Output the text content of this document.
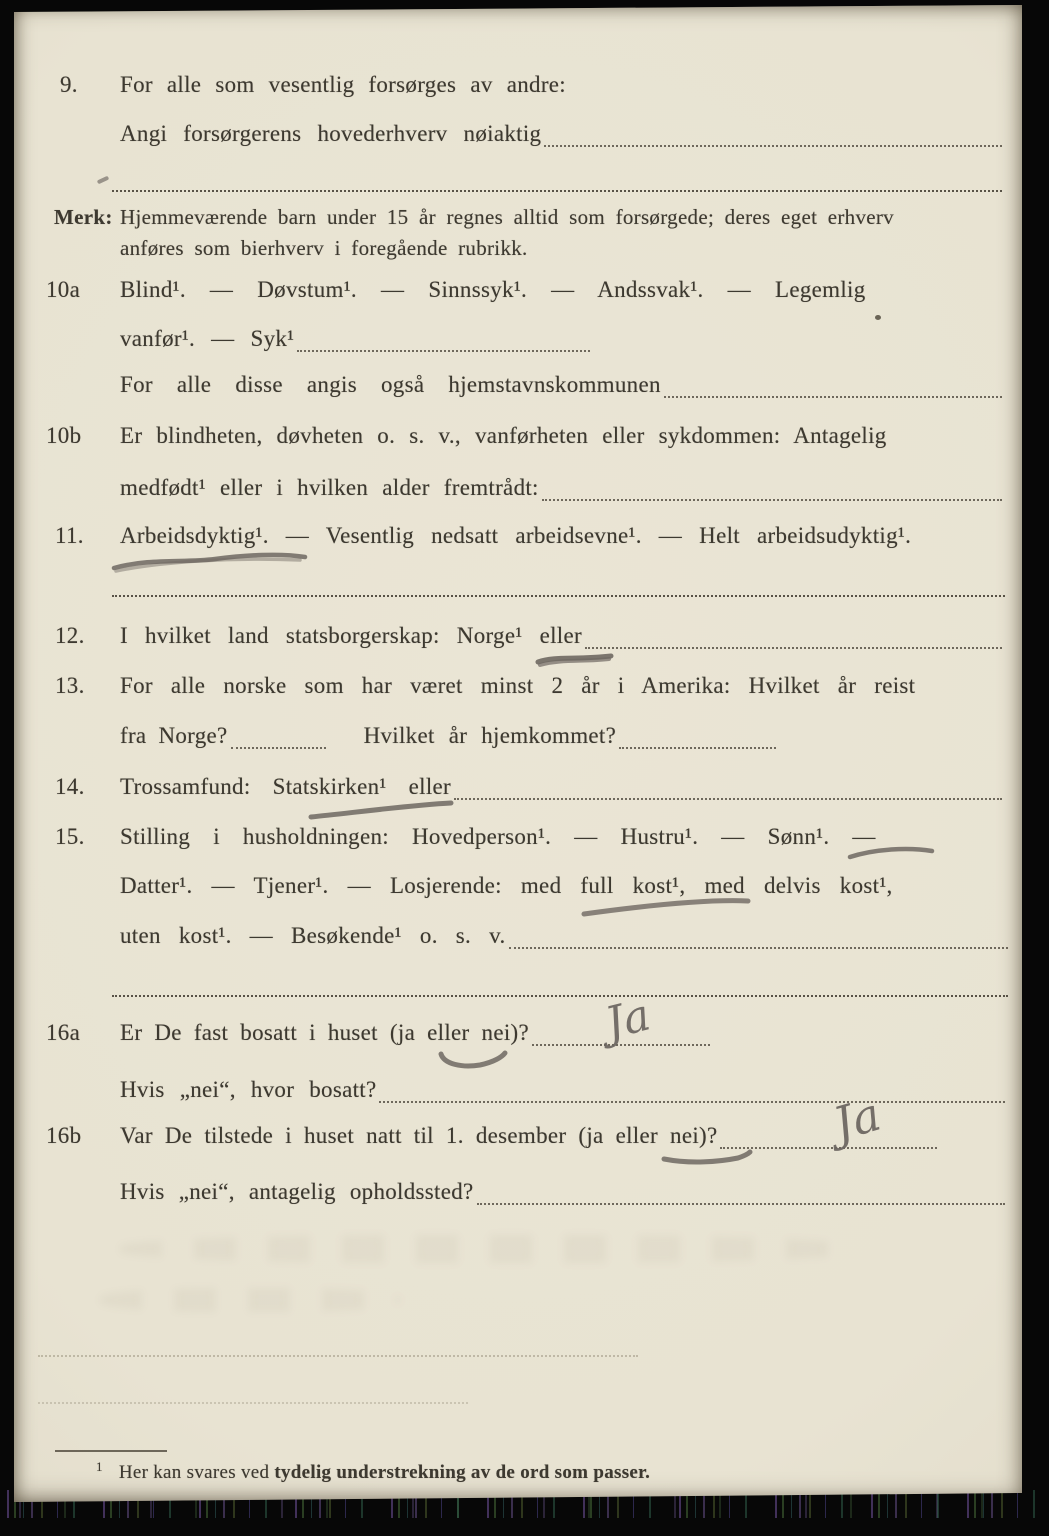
9. For alle som vesentlig forsørges av andre:
Angi forsørgerens hovederhverv nøiaktig
Merk: Hjemmeværende barn under 15 år regnes alltid som forsørgede; deres eget erhverv
anføres som bierhverv i foregående rubrikk.
10a Blind¹. — Døvstum¹. — Sinnssyk¹. — Andssvak¹. — Legemlig
vanfør¹. — Syk¹
For alle disse angis også hjemstavnskommunen
10b Er blindheten, døvheten o. s. v., vanførheten eller sykdommen: Antagelig
medfødt¹ eller i hvilken alder fremtrådt:
11. Arbeidsdyktig¹. — Vesentlig nedsatt arbeidsevne¹. — Helt arbeidsudyktig¹.
12. I hvilket land statsborgerskap: Norge¹ eller
13. For alle norske som har været minst 2 år i Amerika: Hvilket år reist
fra Norge?	Hvilket år hjemkommet?
14. Trossamfund: Statskirken¹ eller
15. Stilling i husholdningen: Hovedperson¹. — Hustru¹. — Sønn¹. —
Datter¹. — Tjener¹. — Losjerende: med full kost¹, med delvis kost¹,
uten kost¹. — Besøkende¹ o. s. v.
16a Er De fast bosatt i huset (ja eller nei)?
Hvis „nei“, hvor bosatt?
16b Var De tilstede i huset natt til 1. desember (ja eller nei)?
Hvis „nei“, antagelig opholdssted?
$^1$ Her kan svares ved tydelig understrekning av de ord som passer.
Ja
Ja
